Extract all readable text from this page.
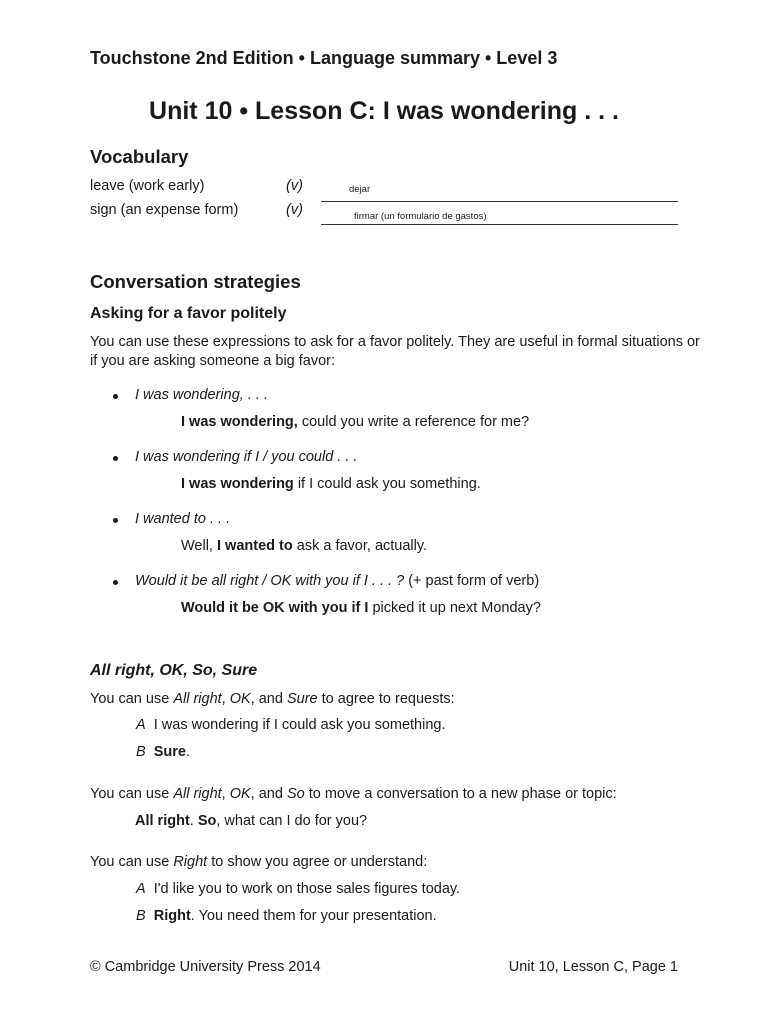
Touchstone 2nd Edition • Language summary • Level 3
Unit 10 • Lesson C: I was wondering . . .
Vocabulary
leave (work early)	(v)	dejar
sign (an expense form)	(v)	firmar (un formulario de gastos)
Conversation strategies
Asking for a favor politely
You can use these expressions to ask for a favor politely. They are useful in formal situations or
if you are asking someone a big favor:
I was wondering, . . .
I was wondering, could you write a reference for me?
I was wondering if I / you could . . .
I was wondering if I could ask you something.
I wanted to . . .
Well, I wanted to ask a favor, actually.
Would it be all right / OK with you if I . . . ? (+ past form of verb)
Would it be OK with you if I picked it up next Monday?
All right, OK, So, Sure
You can use All right, OK, and Sure to agree to requests:
A I was wondering if I could ask you something.
B Sure.
You can use All right, OK, and So to move a conversation to a new phase or topic:
All right. So, what can I do for you?
You can use Right to show you agree or understand:
A I'd like you to work on those sales figures today.
B Right. You need them for your presentation.
© Cambridge University Press 2014	Unit 10, Lesson C, Page 1
